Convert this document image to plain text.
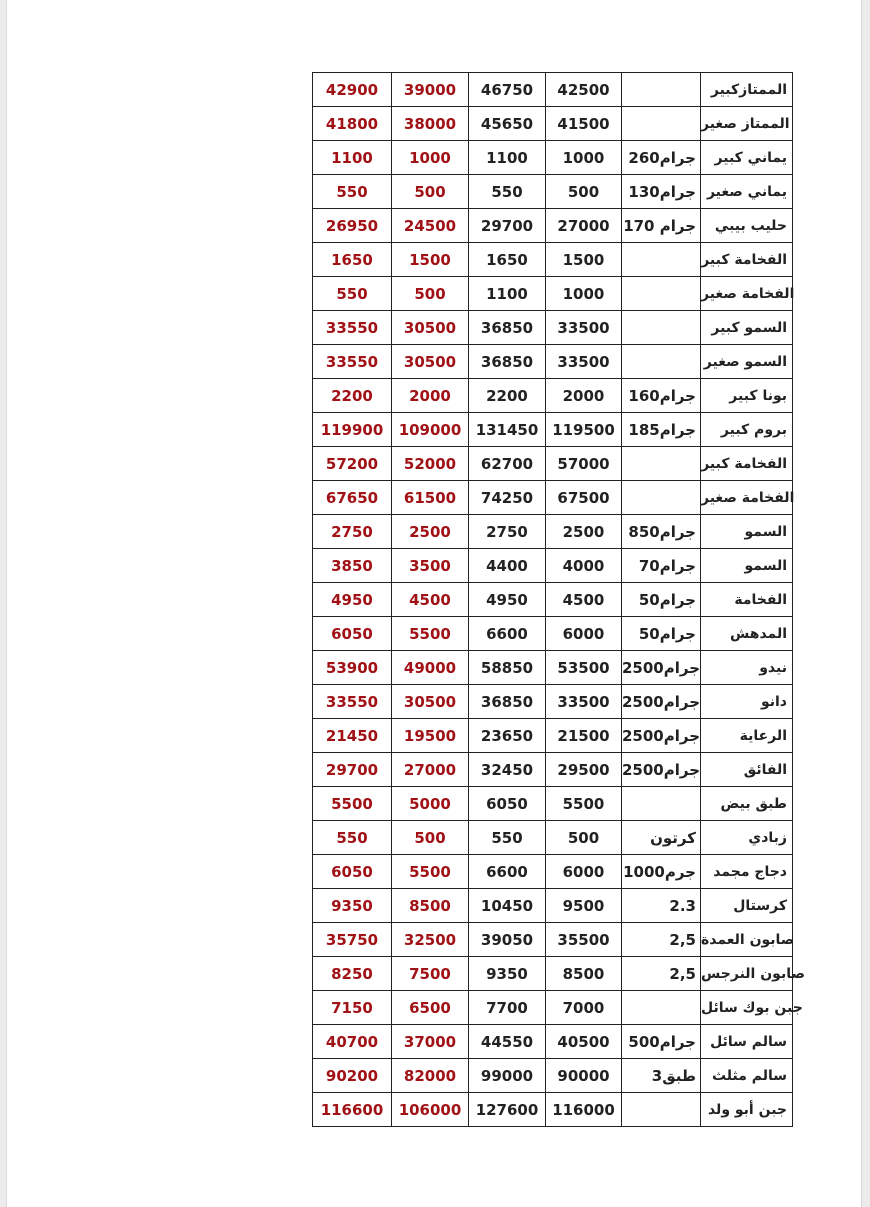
42900	39000	46750	42500		الممتازكبير
41800	38000	45650	41500		الممتاز صغير
1100	1000	1100	1000	260جرام	يماني كبير
550	500	550	500	130جرام	يماني صغير
26950	24500	29700	27000	جرام 170	حليب بيبي
1650	1500	1650	1500		الفخامة كبير
550	500	1100	1000		الفخامة صغير
33550	30500	36850	33500		السمو كبير
33550	30500	36850	33500		السمو صغير
2200	2000	2200	2000	160جرام	بونا كبير
119900	109000	131450	119500	185جرام	بروم كبير
57200	52000	62700	57000		الفخامة كبير
67650	61500	74250	67500		الفخامة صغير
2750	2500	2750	2500	850جرام	السمو
3850	3500	4400	4000	70جرام	السمو
4950	4500	4950	4500	50جرام	الفخامة
6050	5500	6600	6000	50جرام	المدهش
53900	49000	58850	53500	2500جرام	نيدو
33550	30500	36850	33500	2500جرام	دانو
21450	19500	23650	21500	2500جرام	الرعاية
29700	27000	32450	29500	2500جرام	الفائق
5500	5000	6050	5500		طبق بيض
550	500	550	500	كرتون	زبادي
6050	5500	6600	6000	1000جرم	دجاج مجمد
9350	8500	10450	9500	2.3	كرستال
35750	32500	39050	35500	2,5	صابون العمدة
8250	7500	9350	8500	2,5	صابون النرجس
7150	6500	7700	7000		جبن بوك سائل
40700	37000	44550	40500	500جرام	سالم سائل
90200	82000	99000	90000	3طبق	سالم مثلث
116600	106000	127600	116000		جبن أبو ولد
